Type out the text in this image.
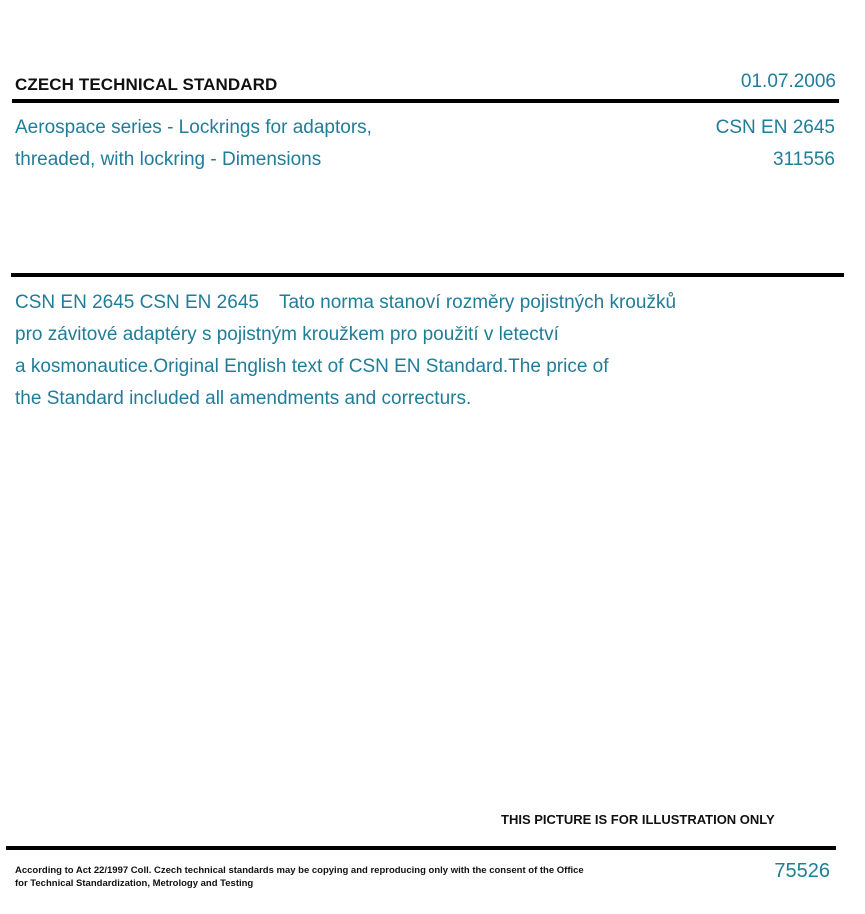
CZECH TECHNICAL STANDARD	01.07.2006
Aerospace series - Lockrings for adaptors,
threaded, with lockring - Dimensions
CSN EN 2645
311556
CSN EN 2645 CSN EN 2645 Tato norma stanoví rozměry pojistných kroužků
pro závitové adaptéry s pojistným kroužkem pro použití v letectví
a kosmonautice.Original English text of CSN EN Standard.The price of
the Standard included all amendments and correcturs.
THIS PICTURE IS FOR ILLUSTRATION ONLY
According to Act 22/1997 Coll. Czech technical standards may be copying and reproducing only with the consent of the Office
for Technical Standardization, Metrology and Testing
75526
